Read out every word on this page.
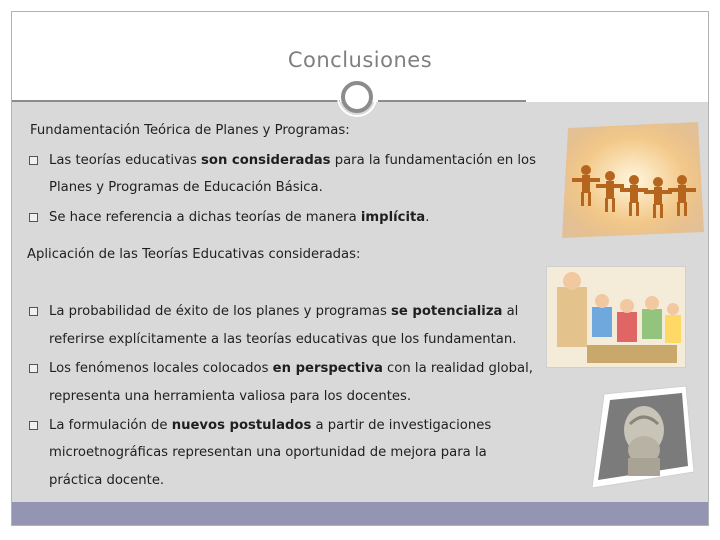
Conclusiones
Fundamentación Teórica de Planes y Programas:
Las teorías educativas son consideradas para la fundamentación en los
Planes y Programas de Educación Básica.
Se hace referencia a dichas teorías de manera implícita.
Aplicación de las Teorías Educativas consideradas:
La probabilidad de éxito de los planes y programas se potencializa al
referirse explícitamente a las teorías educativas que los fundamentan.
Los fenómenos locales colocados en perspectiva con la realidad global,
representa una herramienta valiosa para los docentes.
La formulación de nuevos postulados a partir de investigaciones
microetnográficas representan una oportunidad de mejora para la
práctica docente.
